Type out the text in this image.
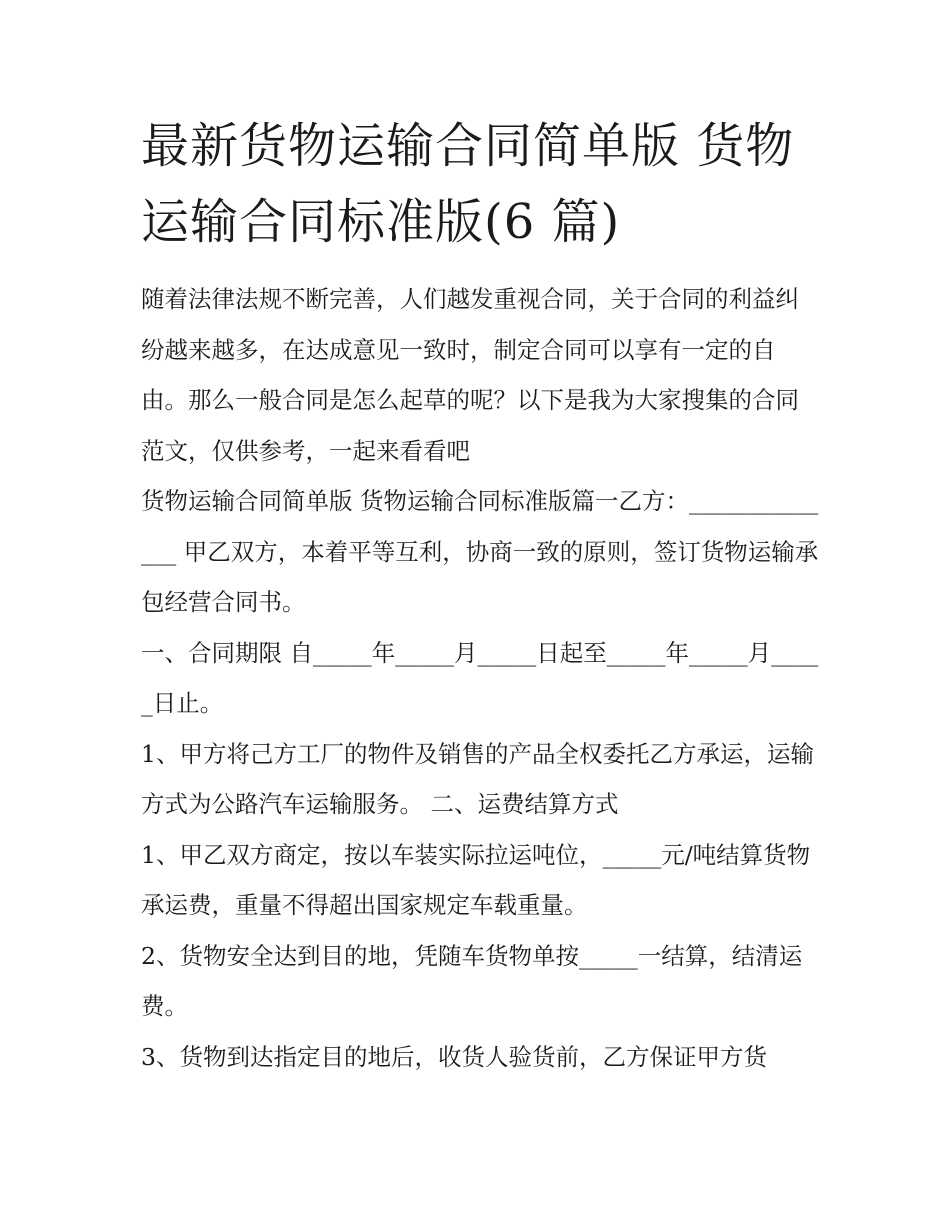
最新货物运输合同简单版 货物运输合同标准版(6 篇)

随着法律法规不断完善，人们越发重视合同，关于合同的利益纠纷越来越多，在达成意见一致时，制定合同可以享有一定的自由。那么一般合同是怎么起草的呢？以下是我为大家搜集的合同范文，仅供参考，一起来看看吧

货物运输合同简单版 货物运输合同标准版篇一乙方：______________ 甲乙双方，本着平等互利，协商一致的原则，签订货物运输承包经营合同书。

一、合同期限 自_____年_____月_____日起至_____年_____月_____日止。

1、甲方将己方工厂的物件及销售的产品全权委托乙方承运，运输方式为公路汽车运输服务。 二、运费结算方式

1、甲乙双方商定，按以车装实际拉运吨位，_____元/吨结算货物承运费，重量不得超出国家规定车载重量。

2、货物安全达到目的地，凭随车货物单按_____一结算，结清运费。

3、货物到达指定目的地后，收货人验货前，乙方保证甲方货
